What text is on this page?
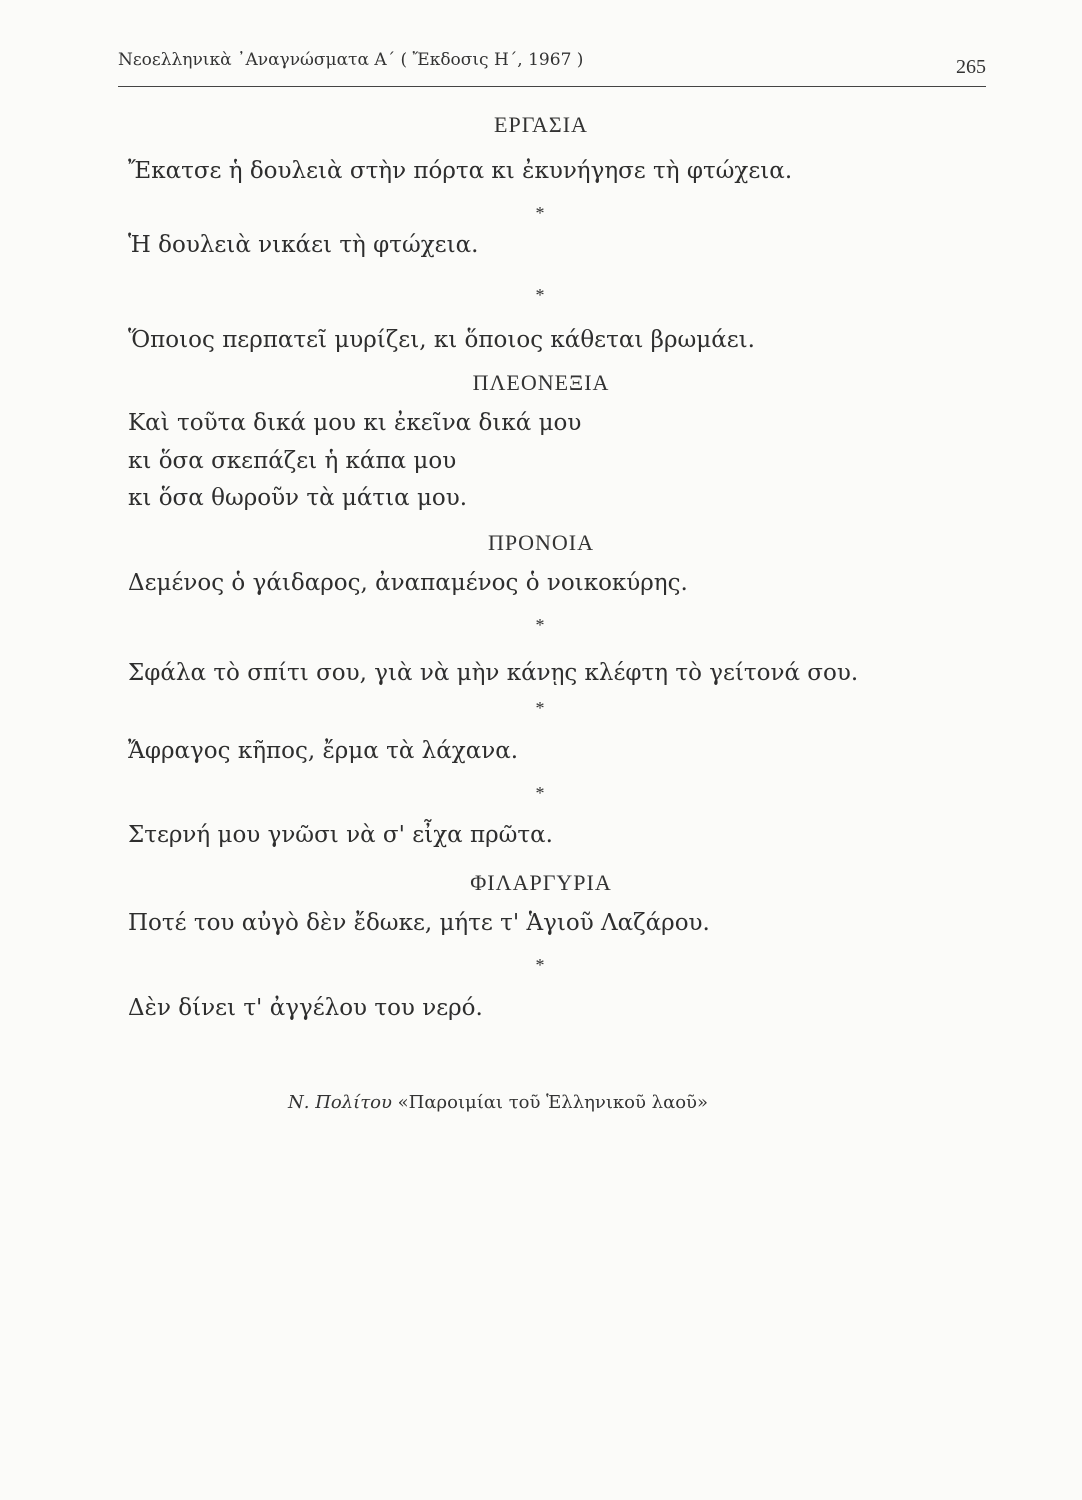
Νεοελληνικὰ ᾿Αναγνώσματα Α΄ ( Ἔκδοσις Η΄, 1967 )	265
ΕΡΓΑΣΙΑ
Ἔκατσε ἡ δουλειὰ στὴν πόρτα κι ἐκυνήγησε τὴ φτώχεια.
*
Ἡ δουλειὰ νικάει τὴ φτώχεια.
*
Ὅποιος περπατεῖ μυρίζει, κι ὅποιος κάθεται βρωμάει.
ΠΛΕΟΝΕΞΙΑ
Καὶ τοῦτα δικά μου κι ἐκεῖνα δικά μου
κι ὅσα σκεπάζει ἡ κάπα μου
κι ὅσα θωροῦν τὰ μάτια μου.
ΠΡΟΝΟΙΑ
Δεμένος ὁ γάιδαρος, ἀναπαμένος ὁ νοικοκύρης.
*
Σφάλα τὸ σπίτι σου, γιὰ νὰ μὴν κάνῃς κλέφτη τὸ γείτονά σου.
*
Ἄφραγος κῆπος, ἔρμα τὰ λάχανα.
*
Στερνή μου γνῶσι νὰ σ' εἶχα πρῶτα.
ΦΙΛΑΡΓΥΡΙΑ
Ποτέ του αὐγὸ δὲν ἔδωκε, μήτε τ' Ἁγιοῦ Λαζάρου.
*
Δὲν δίνει τ' ἀγγέλου του νερό.
Ν. Πολίτου «Παροιμίαι τοῦ Ἑλληνικοῦ λαοῦ»
